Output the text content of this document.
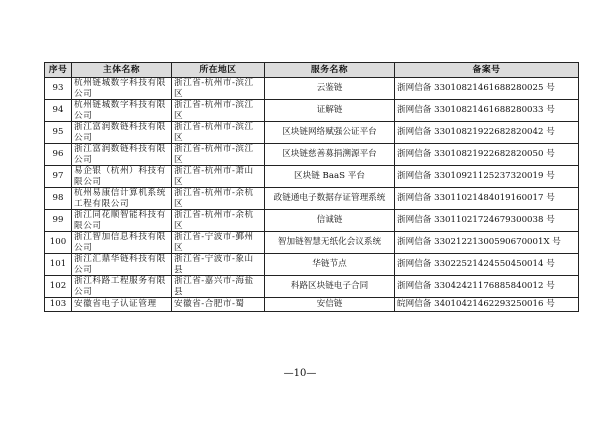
序号	主体名称	所在地区	服务名称	备案号
93	杭州链城数字科技有限公司	浙江省-杭州市-滨江区	云鉴链	浙网信备 33010821461688280025 号
94	杭州链城数字科技有限公司	浙江省-杭州市-滨江区	证解链	浙网信备 33010821461688280033 号
95	浙江富润数链科技有限公司	浙江省-杭州市-滨江区	区块链网络赋强公证平台	浙网信备 33010821922682820042 号
96	浙江富润数链科技有限公司	浙江省-杭州市-滨江区	区块链慈善募捐溯源平台	浙网信备 33010821922682820050 号
97	易企银（杭州）科技有限公司	浙江省-杭州市-萧山区	区块链 BaaS 平台	浙网信备 33010921125237320019 号
98	杭州易康信计算机系统工程有限公司	浙江省-杭州市-余杭区	政链通电子数据存证管理系统	浙网信备 33011021484019160017 号
99	浙江同花顺智能科技有限公司	浙江省-杭州市-余杭区	信诚链	浙网信备 33011021724679300038 号
100	浙江智加信息科技有限公司	浙江省-宁波市-鄞州区	智加链智慧无纸化会议系统	浙网信备 33021221300590670001X 号
101	浙江汇鼎华链科技有限公司	浙江省-宁波市-象山县	华链节点	浙网信备 33022521424550450014 号
102	浙江科路工程服务有限公司	浙江省-嘉兴市-海盐县	科路区块链电子合同	浙网信备 33042421176885840012 号
103	安徽省电子认证管理	安徽省-合肥市-蜀	安信链	皖网信备 34010421462293250016 号
—10—
